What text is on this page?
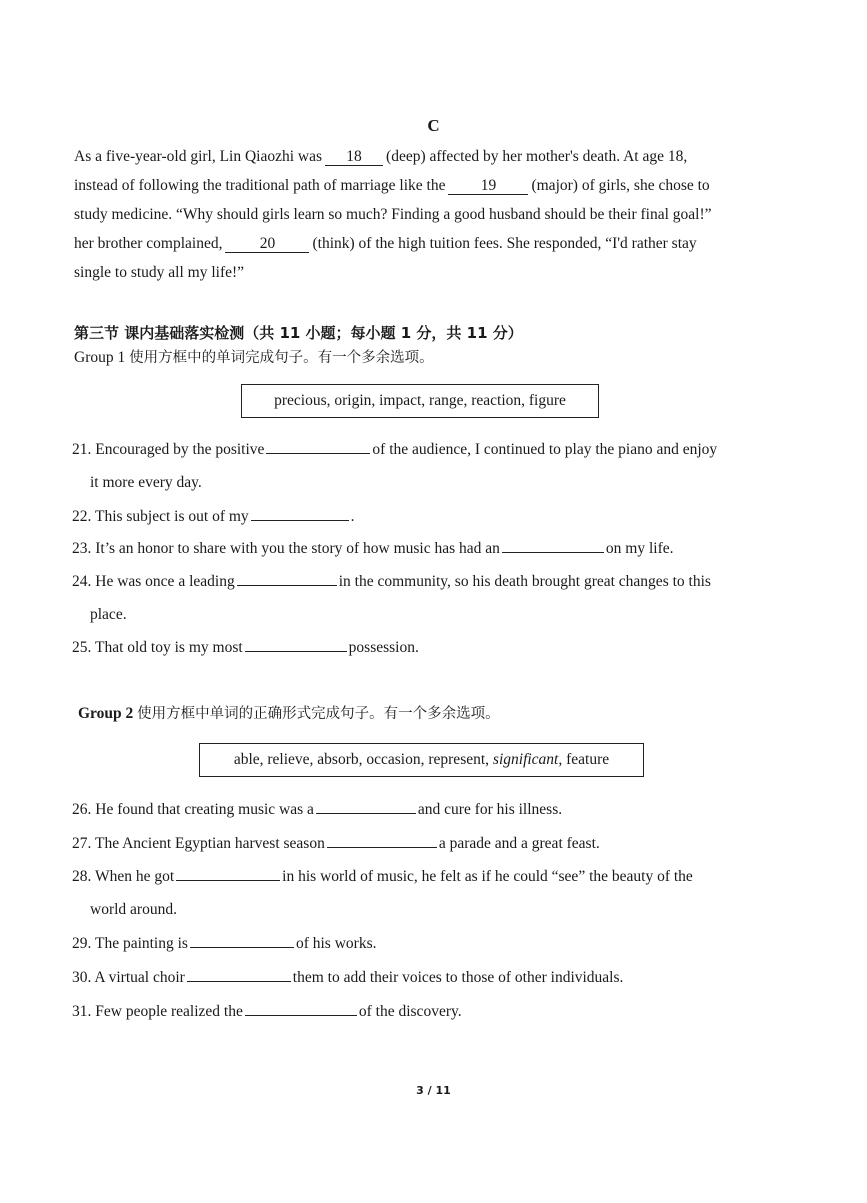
C
As a five-year-old girl, Lin Qiaozhi was 18 (deep) affected by her mother's death. At age 18,
instead of following the traditional path of marriage like the 19 (major) of girls, she chose to
study medicine. “Why should girls learn so much? Finding a good husband should be their final goal!”
her brother complained, 20 (think) of the high tuition fees. She responded, “I'd rather stay
single to study all my life!”
第三节 课内基础落实检测（共 11 小题；每小题 1 分，共 11 分）
Group 1 使用方框中的单词完成句子。有一个多余选项。
precious, origin, impact, range, reaction, figure
21. Encouraged by the positive	of the audience, I continued to play the piano and enjoy
it more every day.
22. This subject is out of my	.
23. It’s an honor to share with you the story of how music has had an	on my life.
24. He was once a leading	in the community, so his death brought great changes to this
place.
25. That old toy is my most	possession.
Group 2 使用方框中单词的正确形式完成句子。有一个多余选项。
able, relieve, absorb, occasion, represent, significant, feature
26. He found that creating music was a	and cure for his illness.
27. The Ancient Egyptian harvest season	a parade and a great feast.
28. When he got	in his world of music, he felt as if he could “see” the beauty of the
world around.
29. The painting is	of his works.
30. A virtual choir	them to add their voices to those of other individuals.
31. Few people realized the	of the discovery.
3 / 11
